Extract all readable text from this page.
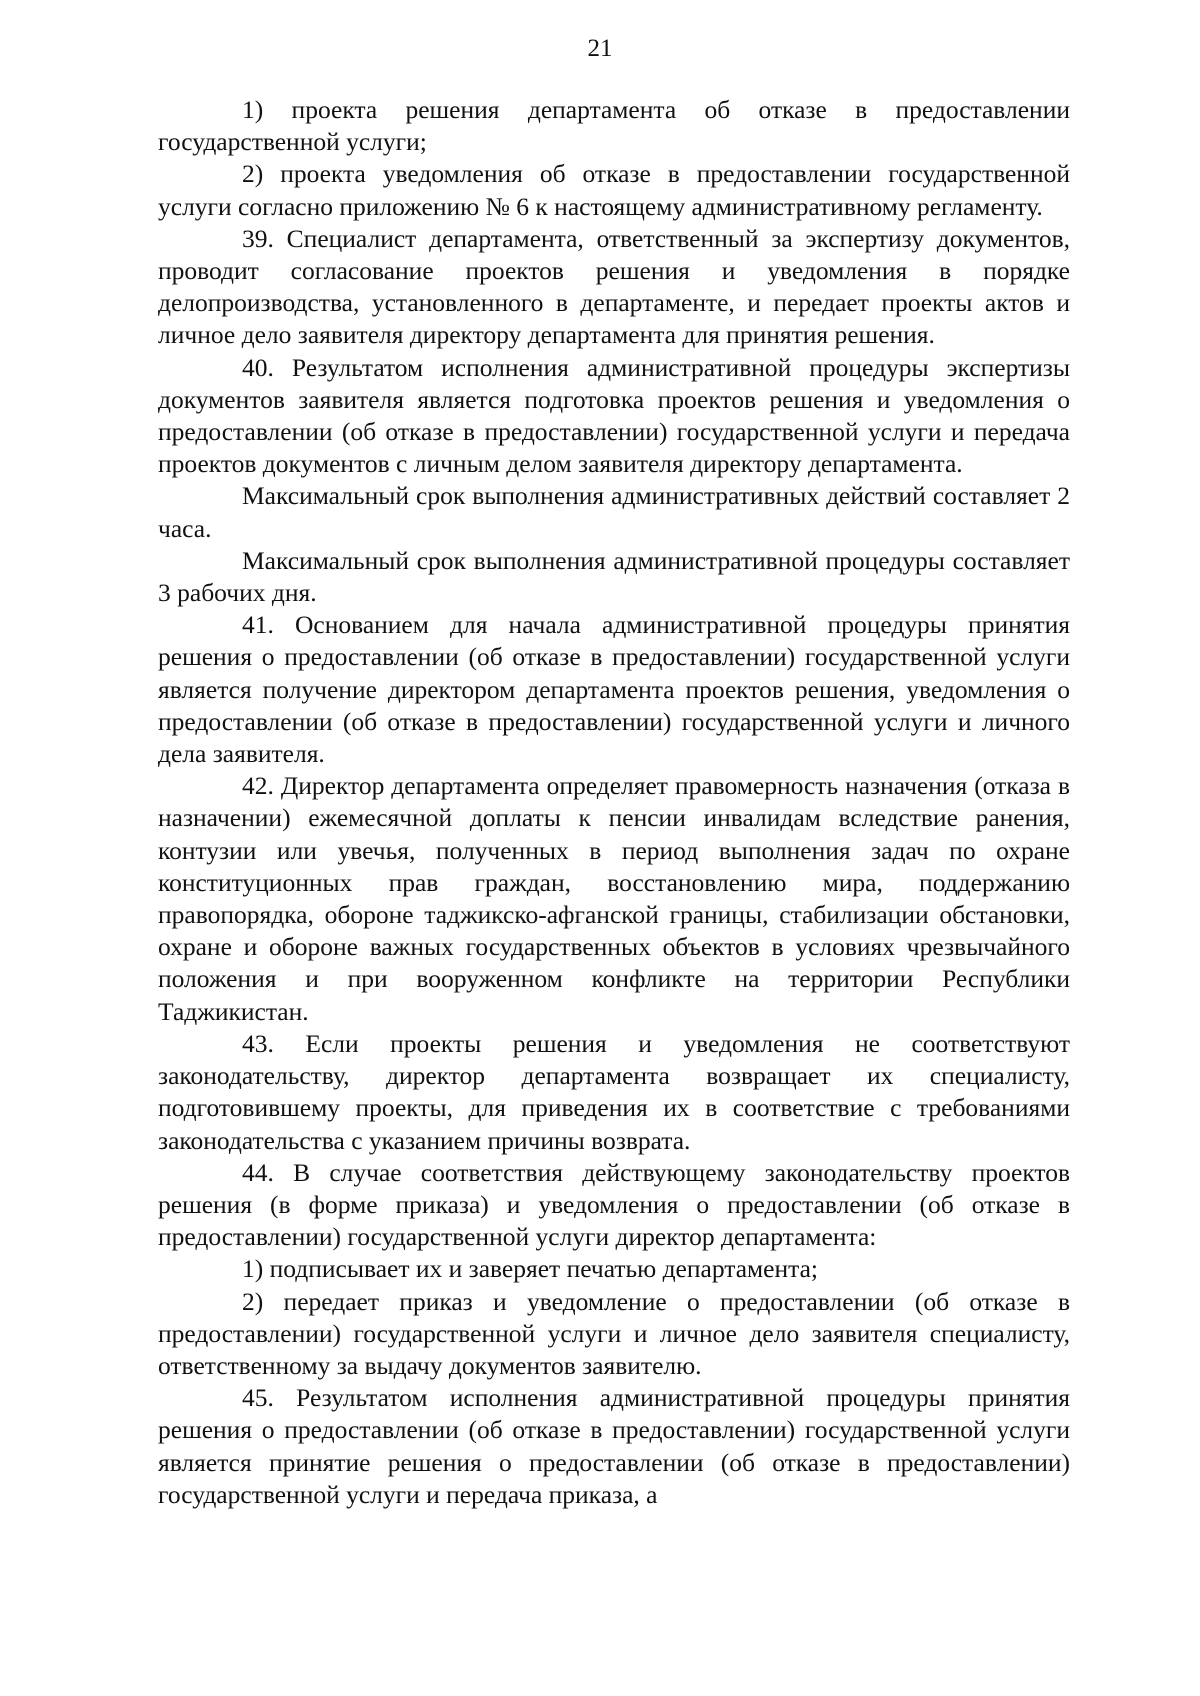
21

1) проекта решения департамента об отказе в предоставлении государственной услуги;

2) проекта уведомления об отказе в предоставлении государственной услуги согласно приложению № 6 к настоящему административному регламенту.

39. Специалист департамента, ответственный за экспертизу документов, проводит согласование проектов решения и уведомления в порядке делопроизводства, установленного в департаменте, и передает проекты актов и личное дело заявителя директору департамента для принятия решения.

40. Результатом исполнения административной процедуры экспертизы документов заявителя является подготовка проектов решения и уведомления о предоставлении (об отказе в предоставлении) государственной услуги и передача проектов документов с личным делом заявителя директору департамента.

Максимальный срок выполнения административных действий составляет 2 часа.

Максимальный срок выполнения административной процедуры составляет 3 рабочих дня.

41. Основанием для начала административной процедуры принятия решения о предоставлении (об отказе в предоставлении) государственной услуги является получение директором департамента проектов решения, уведомления о предоставлении (об отказе в предоставлении) государственной услуги и личного дела заявителя.

42. Директор департамента определяет правомерность назначения (отказа в назначении) ежемесячной доплаты к пенсии инвалидам вследствие ранения, контузии или увечья, полученных в период выполнения задач по охране конституционных прав граждан, восстановлению мира, поддержанию правопорядка, обороне таджикско-афганской границы, стабилизации обстановки, охране и обороне важных государственных объектов в условиях чрезвычайного положения и при вооруженном конфликте на территории Республики Таджикистан.

43. Если проекты решения и уведомления не соответствуют законодательству, директор департамента возвращает их специалисту, подготовившему проекты, для приведения их в соответствие с требованиями законодательства с указанием причины возврата.

44. В случае соответствия действующему законодательству проектов решения (в форме приказа) и уведомления о предоставлении (об отказе в предоставлении) государственной услуги директор департамента:

1) подписывает их и заверяет печатью департамента;

2) передает приказ и уведомление о предоставлении (об отказе в предоставлении) государственной услуги и личное дело заявителя специалисту, ответственному за выдачу документов заявителю.

45. Результатом исполнения административной процедуры принятия решения о предоставлении (об отказе в предоставлении) государственной услуги является принятие решения о предоставлении (об отказе в предоставлении) государственной услуги и передача приказа, а
